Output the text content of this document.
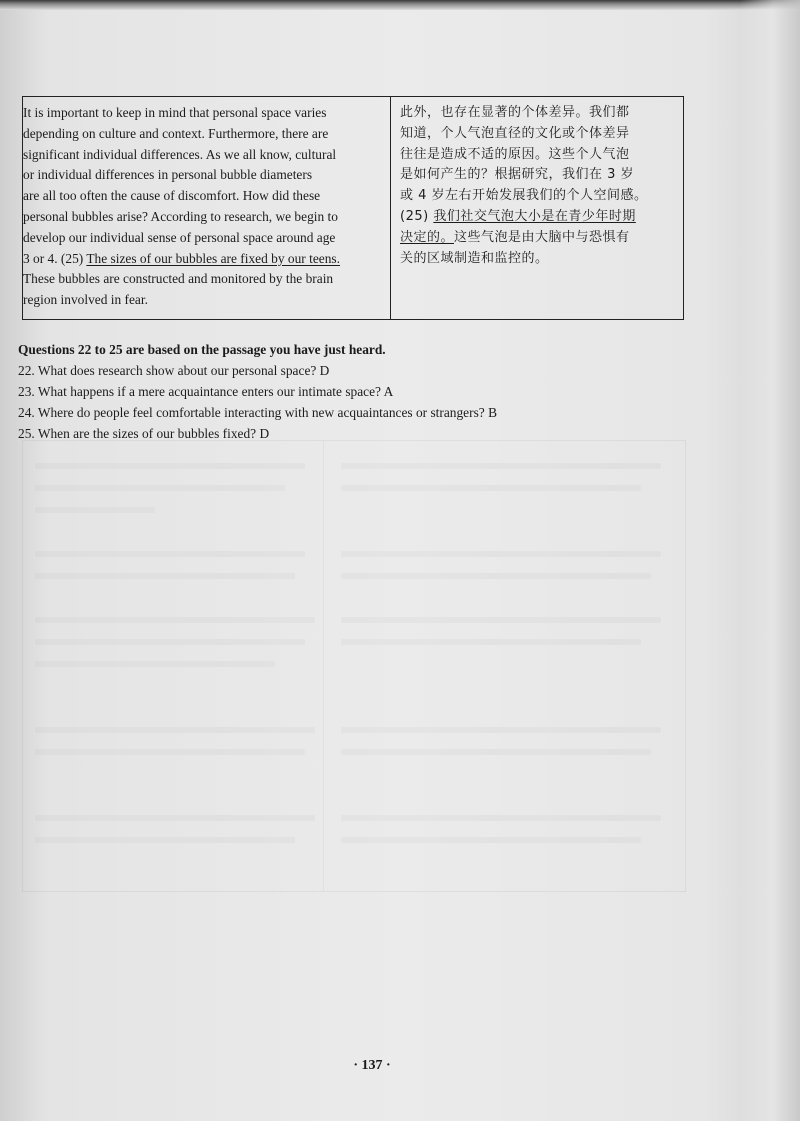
It is important to keep in mind that personal space varies
depending on culture and context. Furthermore, there are
significant individual differences. As we all know, cultural
or individual differences in personal bubble diameters
are all too often the cause of discomfort. How did these
personal bubbles arise? According to research, we begin to
develop our individual sense of personal space around age
3 or 4. (25) The sizes of our bubbles are fixed by our teens.
These bubbles are constructed and monitored by the brain
region involved in fear.
此外，也存在显著的个体差异。我们都
知道，个人气泡直径的文化或个体差异
往往是造成不适的原因。这些个人气泡
是如何产生的？根据研究，我们在 3 岁
或 4 岁左右开始发展我们的个人空间感。
(25) 我们社交气泡大小是在青少年时期
决定的。这些气泡是由大脑中与恐惧有
关的区域制造和监控的。
Questions 22 to 25 are based on the passage you have just heard.
22. What does research show about our personal space? D
23. What happens if a mere acquaintance enters our intimate space? A
24. Where do people feel comfortable interacting with new acquaintances or strangers? B
25. When are the sizes of our bubbles fixed? D
· 137 ·
